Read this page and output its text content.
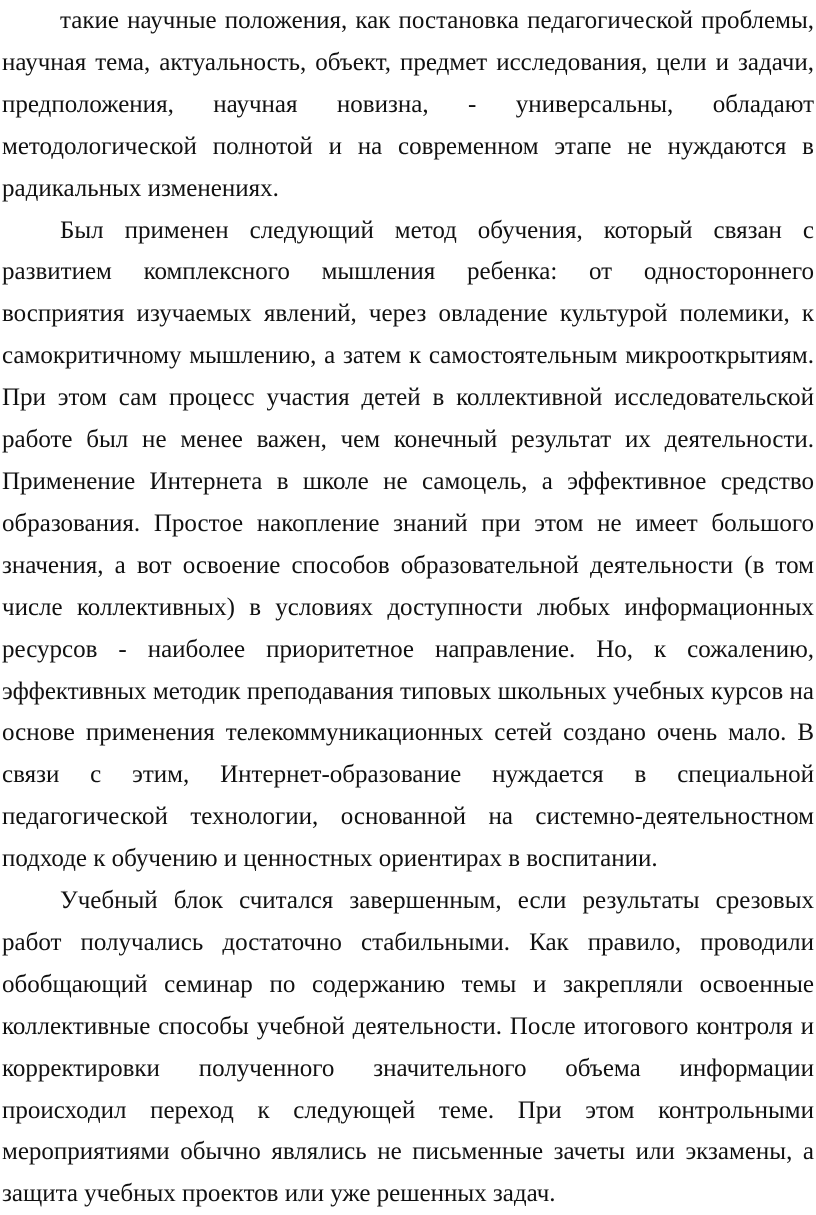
такие научные положения, как постановка педагогической проблемы, научная тема, актуальность, объект, предмет исследования, цели и задачи, предположения, научная новизна, - универсальны, обладают методологической полнотой и на современном этапе не нуждаются в радикальных изменениях.

Был применен следующий метод обучения, который связан с развитием комплексного мышления ребенка: от одностороннего восприятия изучаемых явлений, через овладение культурой полемики, к самокритичному мышлению, а затем к самостоятельным микрооткрытиям. При этом сам процесс участия детей в коллективной исследовательской работе был не менее важен, чем конечный результат их деятельности. Применение Интернета в школе не самоцель, а эффективное средство образования. Простое накопление знаний при этом не имеет большого значения, а вот освоение способов образовательной деятельности (в том числе коллективных) в условиях доступности любых информационных ресурсов - наиболее приоритетное направление. Но, к сожалению, эффективных методик преподавания типовых школьных учебных курсов на основе применения телекоммуникационных сетей создано очень мало. В связи с этим, Интернет-образование нуждается в специальной педагогической технологии, основанной на системно-деятельностном подходе к обучению и ценностных ориентирах в воспитании.

Учебный блок считался завершенным, если результаты срезовых работ получались достаточно стабильными. Как правило, проводили обобщающий семинар по содержанию темы и закрепляли освоенные коллективные способы учебной деятельности. После итогового контроля и корректировки полученного значительного объема информации происходил переход к следующей теме. При этом контрольными мероприятиями обычно являлись не письменные зачеты или экзамены, а защита учебных проектов или уже решенных задач.
